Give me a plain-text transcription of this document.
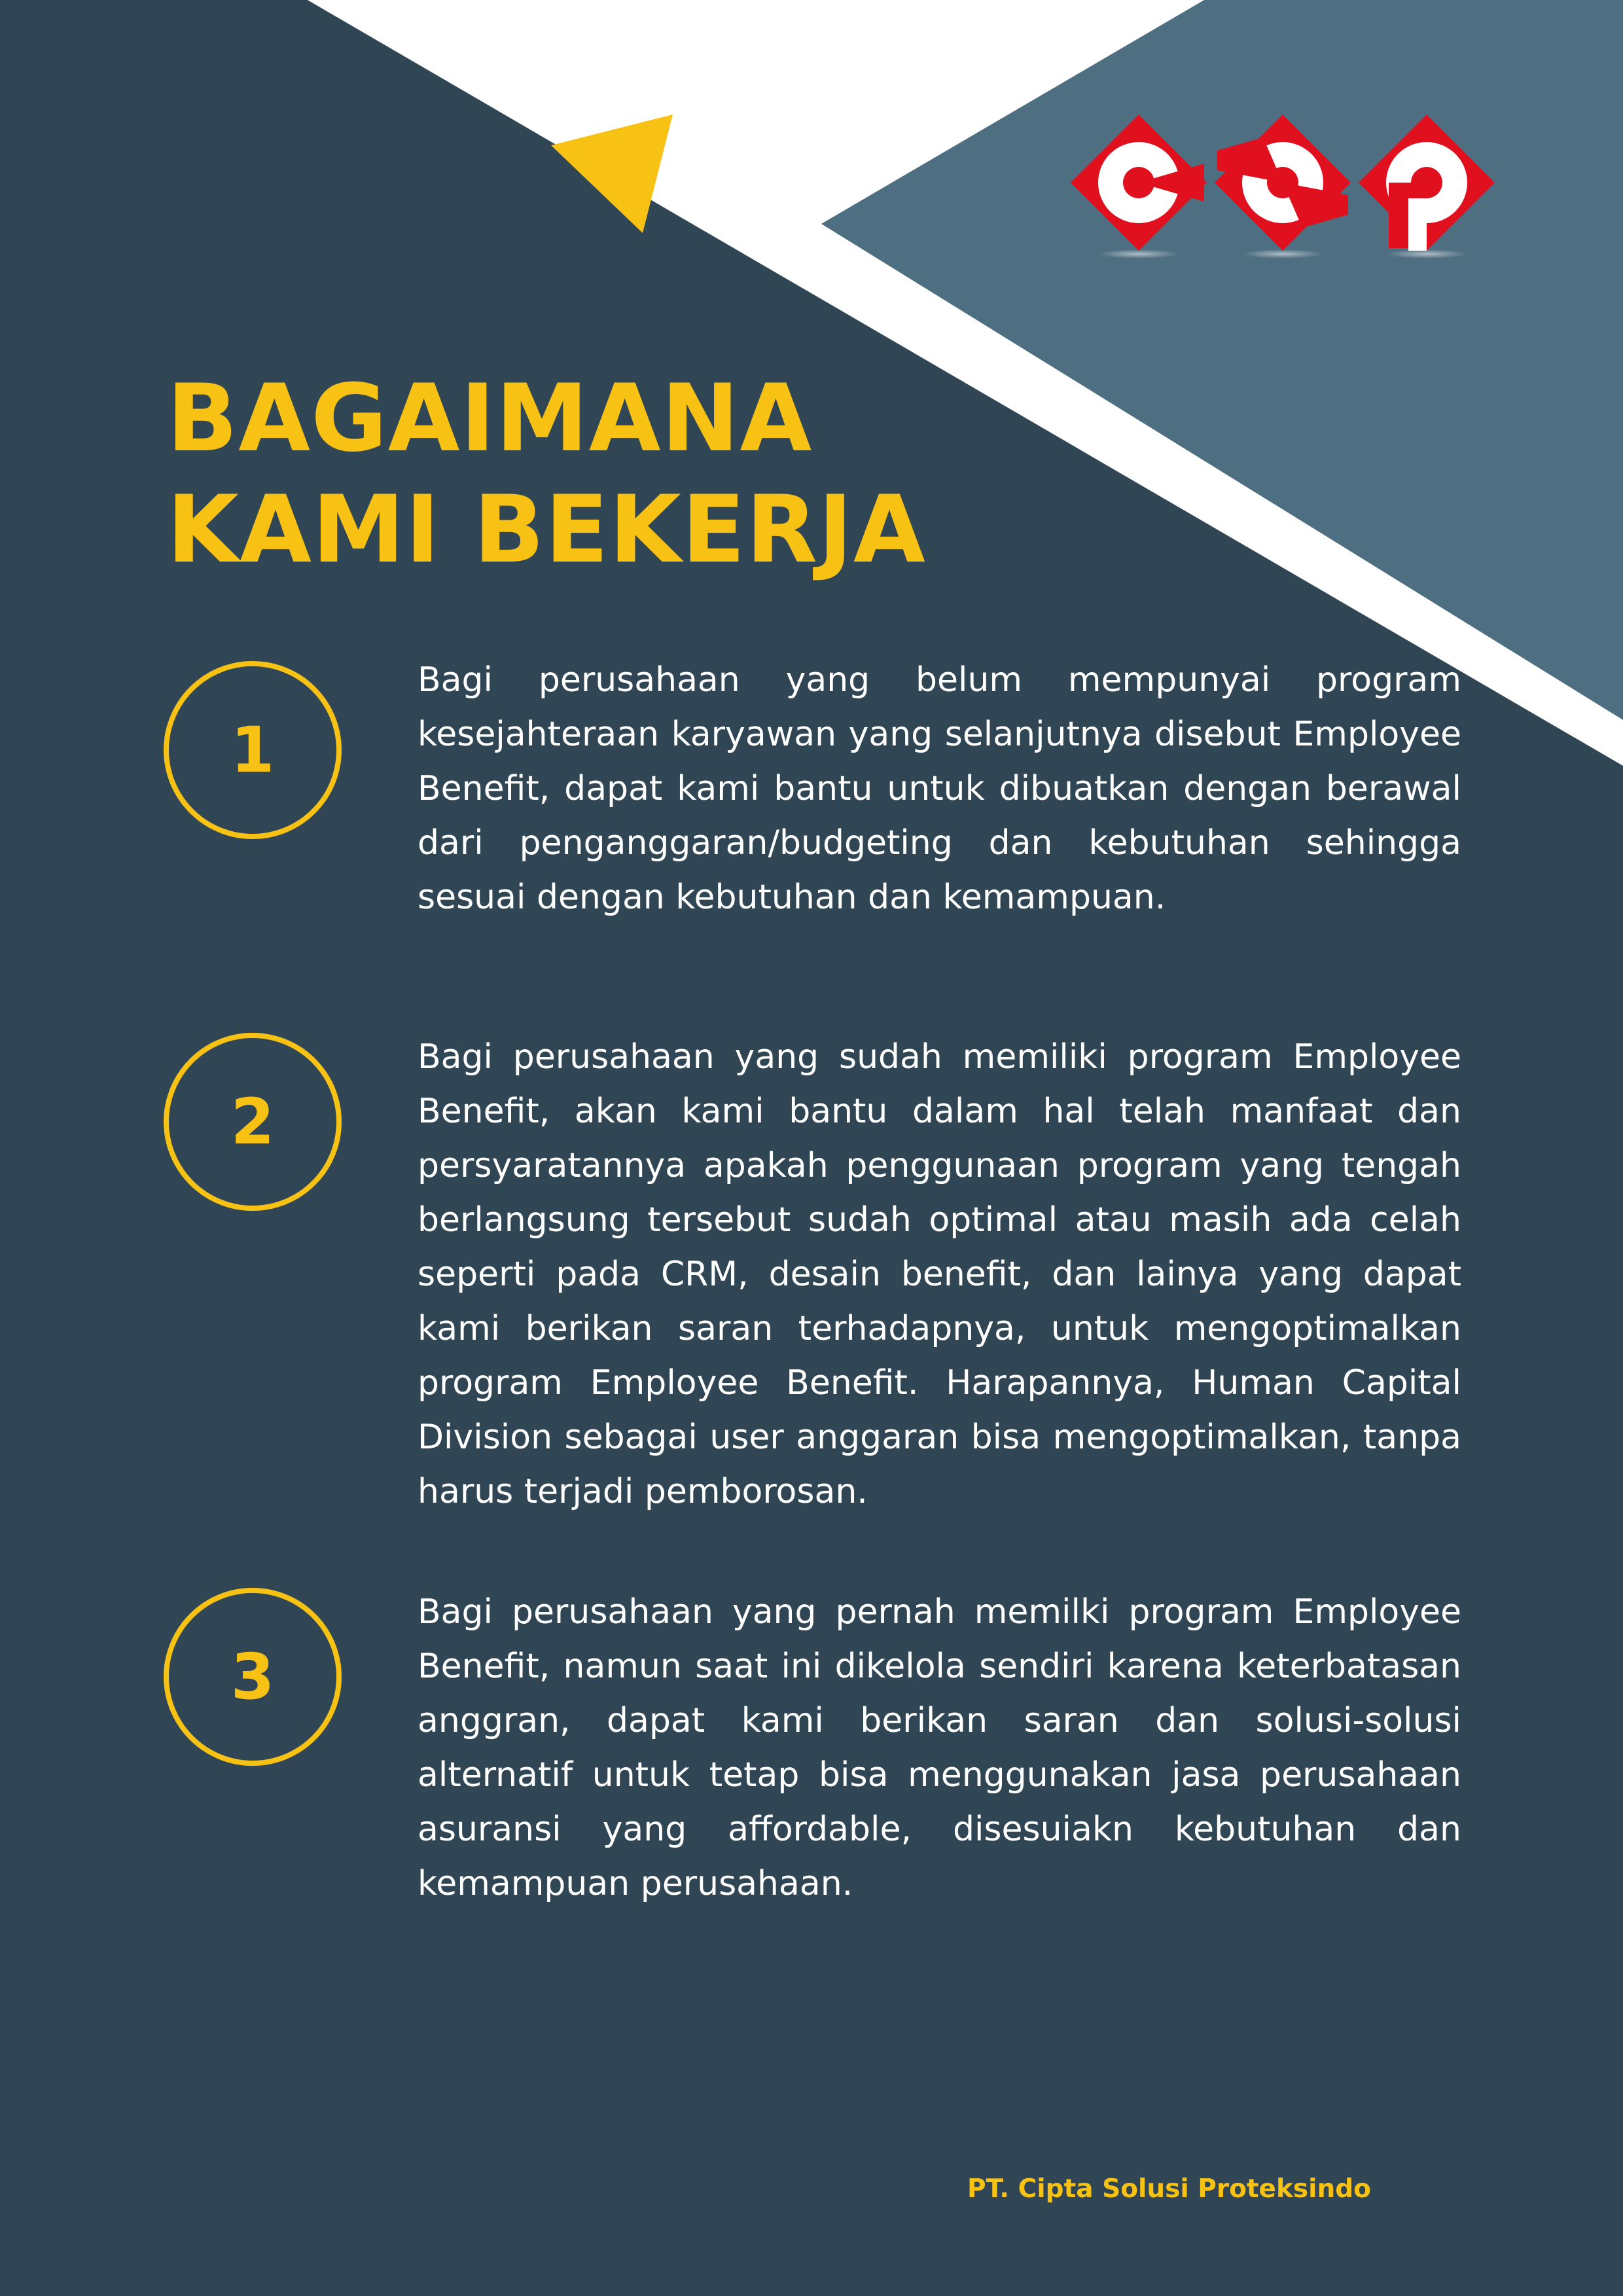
BAGAIMANA
KAMI BEKERJA
1

Bagi perusahaan yang belum mempunyai program kesejahteraan karyawan yang selanjutnya disebut Employee Benefit, dapat kami bantu untuk dibuatkan dengan berawal dari penganggaran/budgeting dan kebutuhan sehingga sesuai dengan kebutuhan dan kemampuan.

2

Bagi perusahaan yang sudah memiliki program Employee Benefit, akan kami bantu dalam hal telah manfaat dan persyaratannya apakah penggunaan program yang tengah berlangsung tersebut sudah optimal atau masih ada celah seperti pada CRM, desain benefit, dan lainya yang dapat kami berikan saran terhadapnya, untuk mengoptimalkan program Employee Benefit. Harapannya, Human Capital Division sebagai user anggaran bisa mengoptimalkan, tanpa harus terjadi pemborosan.

3

Bagi perusahaan yang pernah memilki program Employee Benefit, namun saat ini dikelola sendiri karena keterbatasan anggran, dapat kami berikan saran dan solusi-solusi alternatif untuk tetap bisa menggunakan jasa perusahaan asuransi yang affordable, disesuiakn kebutuhan dan kemampuan perusahaan.

PT. Cipta Solusi Proteksindo
